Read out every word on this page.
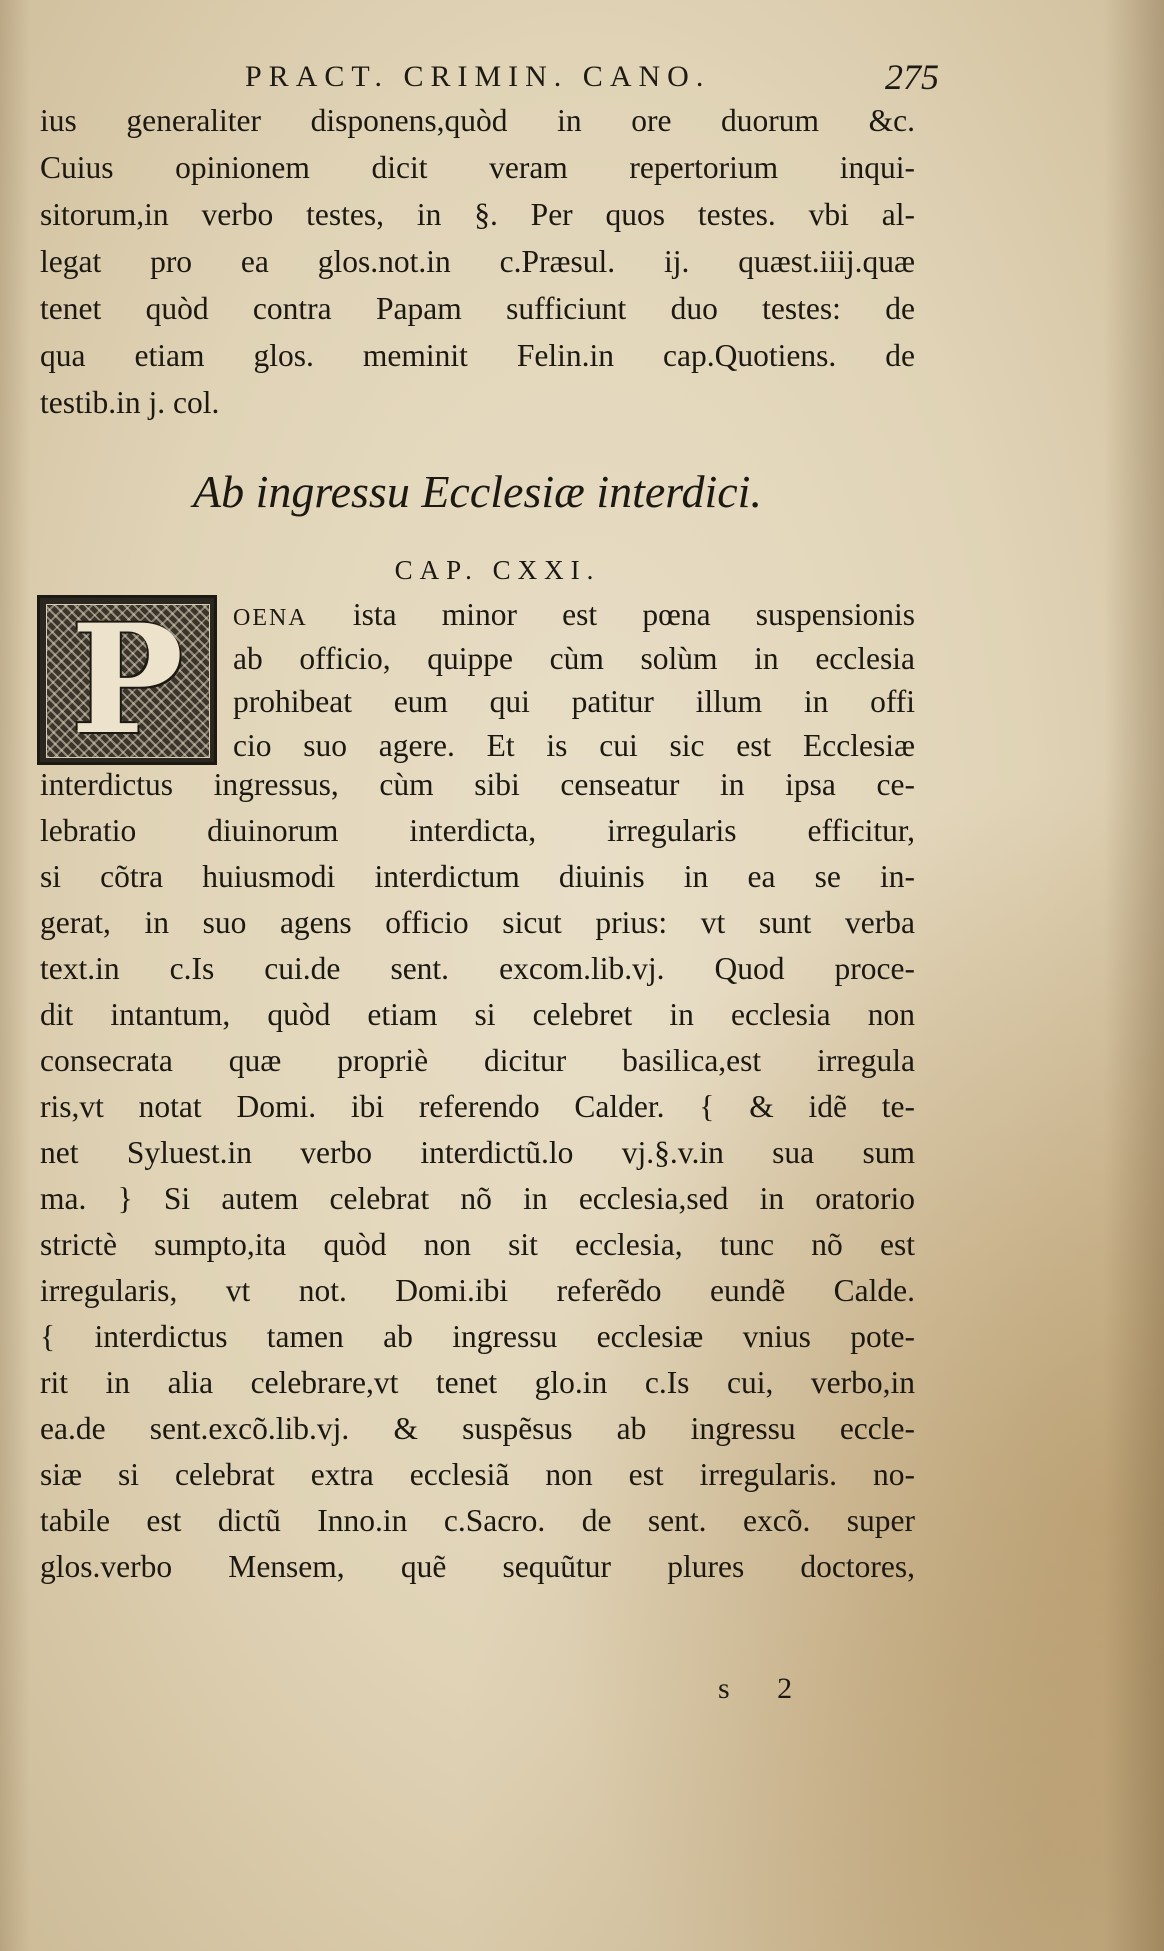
PRACT. CRIMIN. CANO.	275
ius generaliter disponens,quòd in ore duorum &c.
Cuius opinionem dicit veram repertorium inqui-
sitorum,in verbo testes, in §. Per quos testes. vbi al-
legat pro ea glos.not.in c.Præsul. ij. quæst.iiij.quæ
tenet quòd contra Papam sufficiunt duo testes: de
qua etiam glos. meminit Felin.in cap.Quotiens. de
testib.in j. col.
Ab ingressu Ecclesiæ interdici.
CAP. CXXI.
P	OENA ista minor est pœna suspensionis
ab officio, quippe cùm solùm in ecclesia
prohibeat eum qui patitur illum in offi
cio suo agere. Et is cui sic est Ecclesiæ
interdictus ingressus, cùm sibi censeatur in ipsa ce-
lebratio diuinorum interdicta, irregularis efficitur,
si cõtra huiusmodi interdictum diuinis in ea se in-
gerat, in suo agens officio sicut prius: vt sunt verba
text.in c.Is cui.de sent. excom.lib.vj. Quod proce-
dit intantum, quòd etiam si celebret in ecclesia non
consecrata quæ propriè dicitur basilica,est irregula
ris,vt notat Domi. ibi referendo Calder. { & idẽ te-
net Syluest.in verbo interdictũ.lo vj.§.v.in sua sum
ma. } Si autem celebrat nõ in ecclesia,sed in oratorio
strictè sumpto,ita quòd non sit ecclesia, tunc nõ est
irregularis, vt not. Domi.ibi referẽdo eundẽ Calde.
{ interdictus tamen ab ingressu ecclesiæ vnius pote-
rit in alia celebrare,vt tenet glo.in c.Is cui, verbo,in
ea.de sent.excõ.lib.vj. & suspẽsus ab ingressu eccle-
siæ si celebrat extra ecclesiã non est irregularis. no-
tabile est dictũ Inno.in c.Sacro. de sent. excõ. super
glos.verbo Mensem, quẽ sequũtur plures doctores,
s 2
